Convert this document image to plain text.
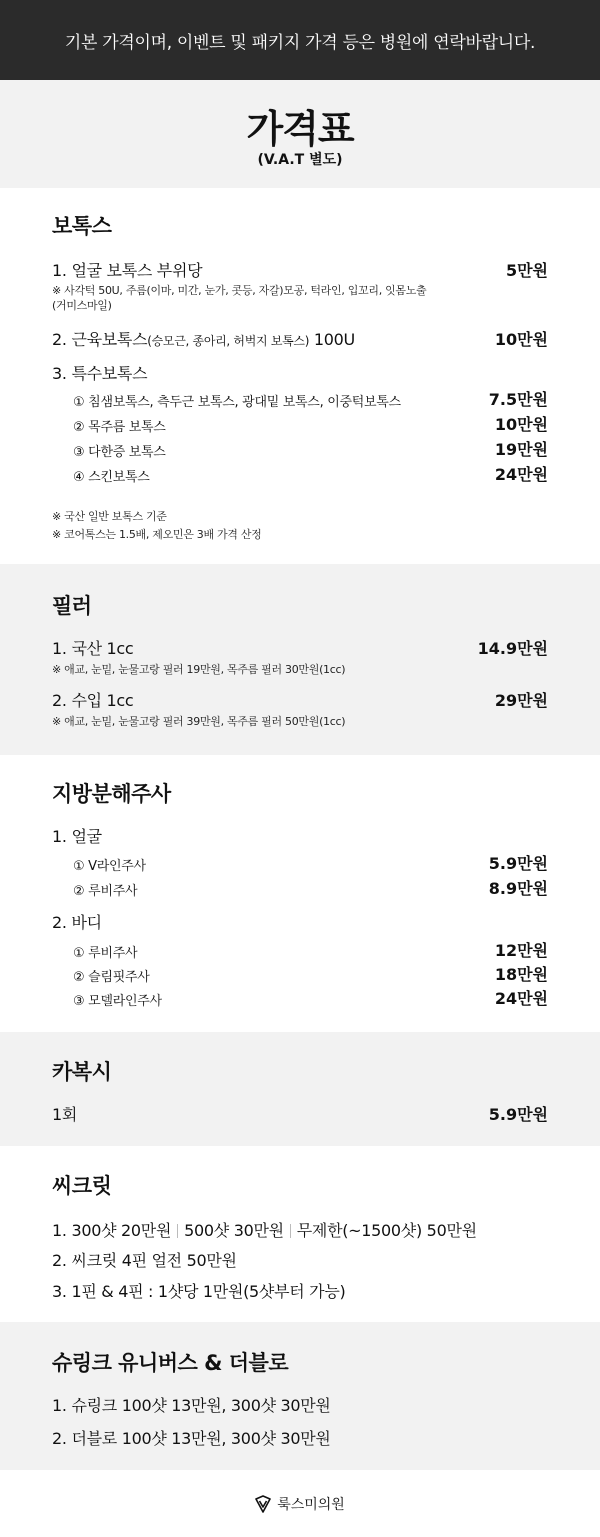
기본 가격이며, 이벤트 및 패키지 가격 등은 병원에 연락바랍니다.
가격표
(V.A.T 별도)
보톡스
1. 얼굴 보톡스 부위당	5만원
※ 사각턱 50U, 주름(이마, 미간, 눈가, 콧등, 자갈)모공, 턱라인, 입꼬리, 잇몸노출(거미스마일)
2. 근육보톡스(승모근, 종아리, 허벅지 보톡스) 100U	10만원
3. 특수보톡스
① 침샘보톡스, 측두근 보톡스, 광대밑 보톡스, 이중턱보톡스	7.5만원
② 목주름 보톡스	10만원
③ 다한증 보톡스	19만원
④ 스킨보톡스	24만원
※ 국산 일반 보톡스 기준
※ 코어톡스는 1.5배, 제오민은 3배 가격 산정
필러
1. 국산 1cc	14.9만원
※ 애교, 눈밑, 눈물고랑 필러 19만원, 목주름 필러 30만원(1cc)
2. 수입 1cc	29만원
※ 애교, 눈밑, 눈물고랑 필러 39만원, 목주름 필러 50만원(1cc)
지방분해주사
1. 얼굴
① V라인주사	5.9만원
② 루비주사	8.9만원
2. 바디
① 루비주사	12만원
② 슬림핏주사	18만원
③ 모델라인주사	24만원
카복시
1회	5.9만원
씨크릿
1. 300샷 20만원 500샷 30만원 무제한(~1500샷) 50만원
2. 씨크릿 4핀 얼전 50만원
3. 1핀 & 4핀 : 1샷당 1만원(5샷부터 가능)
슈링크 유니버스 & 더블로
1. 슈링크 100샷 13만원, 300샷 30만원
2. 더블로 100샷 13만원, 300샷 30만원
룩스미의원
